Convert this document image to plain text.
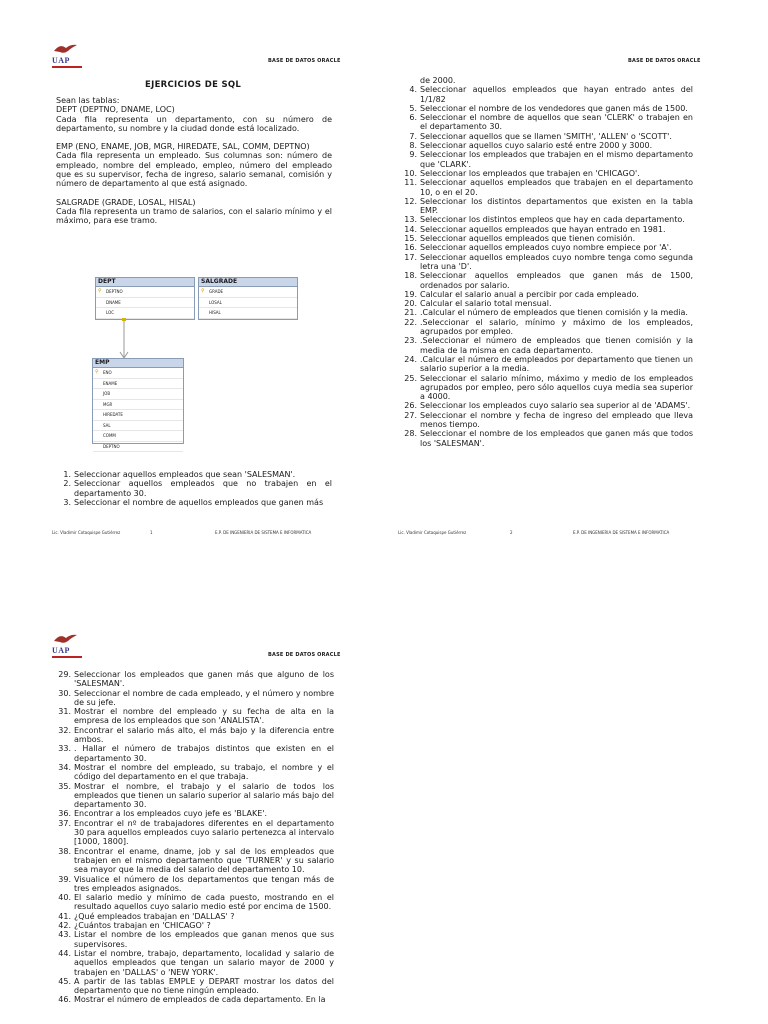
UAP	BASE DE DATOS ORACLE
EJERCICIOS DE SQL

Sean las tablas:

DEPT (DEPTNO, DNAME, LOC)

Cada fila representa un departamento, con su número de departamento, su nombre y la ciudad donde está localizado.

EMP (ENO, ENAME, JOB, MGR, HIREDATE, SAL, COMM, DEPTNO)

Cada fila representa un empleado. Sus columnas son: número de empleado, nombre del empleado, empleo, número del empleado que es su supervisor, fecha de ingreso, salario semanal, comisión y número de departamento al que está asignado.

SALGRADE (GRADE, LOSAL, HISAL)

Cada fila representa un tramo de salarios, con el salario mínimo y el máximo, para ese tramo.

DEPT
⚲ DEPTNO
DNAME
LOC
SALGRADE
⚲ GRADE
LOSAL
HISAL
EMP
⚲ ENO
ENAME
JOB
MGR
HIREDATE
SAL
COMM
DEPTNO
1. Seleccionar aquellos empleados que sean 'SALESMAN'.
2. Seleccionar aquellos empleados que no trabajen en el departamento 30.
3. Seleccionar el nombre de aquellos empleados que ganen más
Lic. Vladimir Cotaquispe Gutiérrez	1	E.P. DE INGENIERIA DE SISTEMA E INFORMATICA
BASE DE DATOS ORACLE
de 2000.
4. Seleccionar aquellos empleados que hayan entrado antes del 1/1/82
5. Seleccionar el nombre de los vendedores que ganen más de 1500.
6. Seleccionar el nombre de aquellos que sean 'CLERK' o trabajen en el departamento 30.
7. Seleccionar aquellos que se llamen 'SMITH', 'ALLEN' o 'SCOTT'.
8. Seleccionar aquellos cuyo salario esté entre 2000 y 3000.
9. Seleccionar los empleados que trabajen en el mismo departamento que 'CLARK'.
10. Seleccionar los empleados que trabajen en 'CHICAGO'.
11. Seleccionar aquellos empleados que trabajen en el departamento 10, o en el 20.
12. Seleccionar los distintos departamentos que existen en la tabla EMP.
13. Seleccionar los distintos empleos que hay en cada departamento.
14. Seleccionar aquellos empleados que hayan entrado en 1981.
15. Seleccionar aquellos empleados que tienen comisión.
16. Seleccionar aquellos empleados cuyo nombre empiece por 'A'.
17. Seleccionar aquellos empleados cuyo nombre tenga como segunda letra una 'D'.
18. Seleccionar aquellos empleados que ganen más de 1500, ordenados por salario.
19. Calcular el salario anual a percibir por cada empleado.
20. Calcular el salario total mensual.
21. .Calcular el número de empleados que tienen comisión y la media.
22. .Seleccionar el salario, mínimo y máximo de los empleados, agrupados por empleo.
23. .Seleccionar el número de empleados que tienen comisión y la media de la misma en cada departamento.
24. .Calcular el número de empleados por departamento que tienen un salario superior a la media.
25. Seleccionar el salario mínimo, máximo y medio de los empleados agrupados por empleo, pero sólo aquellos cuya media sea superior a 4000.
26. Seleccionar los empleados cuyo salario sea superior al de 'ADAMS'.
27. Seleccionar el nombre y fecha de ingreso del empleado que lleva menos tiempo.
28. Seleccionar el nombre de los empleados que ganen más que todos los 'SALESMAN'.
Lic. Vladimir Cotaquispe Gutiérrez	2	E.P. DE INGENIERIA DE SISTEMA E INFORMATICA
UAP	BASE DE DATOS ORACLE
29. Seleccionar los empleados que ganen más que alguno de los 'SALESMAN'.
30. Seleccionar el nombre de cada empleado, y el número y nombre de su jefe.
31. Mostrar el nombre del empleado y su fecha de alta en la empresa de los empleados que son 'ANALISTA'.
32. Encontrar el salario más alto, el más bajo y la diferencia entre ambos.
33. . Hallar el número de trabajos distintos que existen en el departamento 30.
34. Mostrar el nombre del empleado, su trabajo, el nombre y el código del departamento en el que trabaja.
35. Mostrar el nombre, el trabajo y el salario de todos los empleados que tienen un salario superior al salario más bajo del departamento 30.
36. Encontrar a los empleados cuyo jefe es 'BLAKE'.
37. Encontrar el nº de trabajadores diferentes en el departamento 30 para aquellos empleados cuyo salario pertenezca al intervalo [1000, 1800].
38. Encontrar el ename, dname, job y sal de los empleados que trabajen en el mismo departamento que 'TURNER' y su salario sea mayor que la media del salario del departamento 10.
39. Visualice el número de los departamentos que tengan más de tres empleados asignados.
40. El salario medio y mínimo de cada puesto, mostrando en el resultado aquellos cuyo salario medio esté por encima de 1500.
41. ¿Qué empleados trabajan en 'DALLAS' ?
42. ¿Cuántos trabajan en 'CHICAGO' ?
43. Listar el nombre de los empleados que ganan menos que sus supervisores.
44. Listar el nombre, trabajo, departamento, localidad y salario de aquellos empleados que tengan un salario mayor de 2000 y trabajen en 'DALLAS' o 'NEW YORK'.
45. A partir de las tablas EMPLE y DEPART mostrar los datos del departamento que no tiene ningún empleado.
46. Mostrar el número de empleados de cada departamento. En la
